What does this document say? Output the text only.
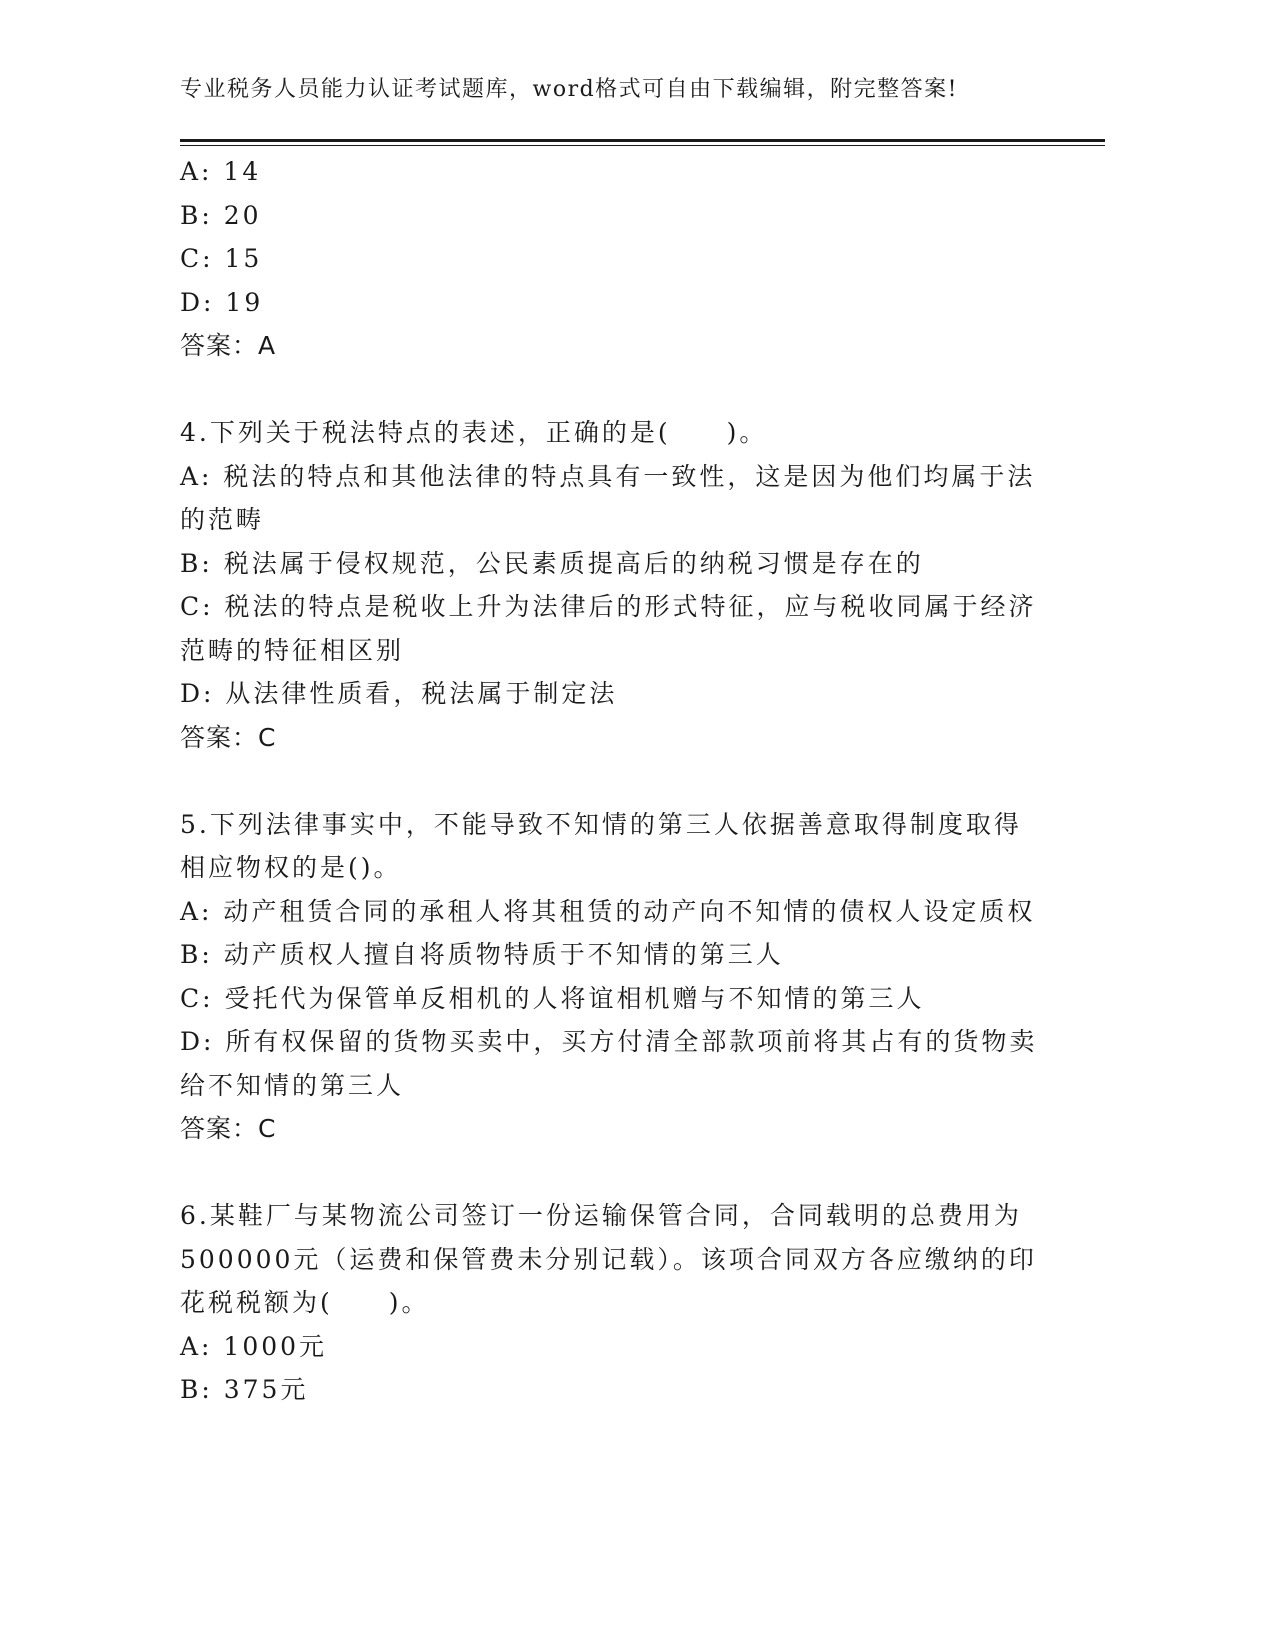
专业税务人员能力认证考试题库，word格式可自由下载编辑，附完整答案!
A: 14
B: 20
C: 15
D: 19
答案：A
4.下列关于税法特点的表述，正确的是(　　)。
A: 税法的特点和其他法律的特点具有一致性，这是因为他们均属于法
的范畴
B: 税法属于侵权规范，公民素质提高后的纳税习惯是存在的
C: 税法的特点是税收上升为法律后的形式特征，应与税收同属于经济
范畴的特征相区别
D: 从法律性质看，税法属于制定法
答案：C
5.下列法律事实中，不能导致不知情的第三人依据善意取得制度取得
相应物权的是()。
A: 动产租赁合同的承租人将其租赁的动产向不知情的债权人设定质权
B: 动产质权人擅自将质物特质于不知情的第三人
C: 受托代为保管单反相机的人将谊相机赠与不知情的第三人
D: 所有权保留的货物买卖中，买方付清全部款项前将其占有的货物卖
给不知情的第三人
答案：C
6.某鞋厂与某物流公司签订一份运输保管合同，合同载明的总费用为
500000元（运费和保管费未分别记载）。该项合同双方各应缴纳的印
花税税额为(　　)。
A: 1000元
B: 375元
